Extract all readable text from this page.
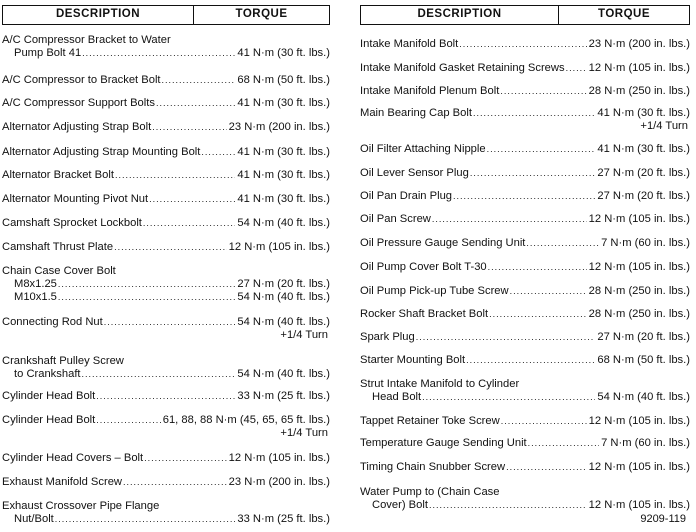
DESCRIPTION	TORQUE
A/C Compressor Bracket to Water
Pump Bolt 41 .....	41 N·m (30 ft. lbs.)
A/C Compressor to Bracket Bolt .....	68 N·m (50 ft. lbs.)
A/C Compressor Support Bolts .....	41 N·m (30 ft. lbs.)
Alternator Adjusting Strap Bolt .....	23 N·m (200 in. lbs.)
Alternator Adjusting Strap Mounting Bolt .....	41 N·m (30 ft. lbs.)
Alternator Bracket Bolt .....	41 N·m (30 ft. lbs.)
Alternator Mounting Pivot Nut .....	41 N·m (30 ft. lbs.)
Camshaft Sprocket Lockbolt .....	54 N·m (40 ft. lbs.)
Camshaft Thrust Plate .....	12 N·m (105 in. lbs.)
Chain Case Cover Bolt
M8x1.25 .....	27 N·m (20 ft. lbs.)
M10x1.5 .....	54 N·m (40 ft. lbs.)
Connecting Rod Nut .....	54 N·m (40 ft. lbs.)
+1/4 Turn
Crankshaft Pulley Screw
to Crankshaft .....	54 N·m (40 ft. lbs.)
Cylinder Head Bolt .....	33 N·m (25 ft. lbs.)
Cylinder Head Bolt .....	61, 88, 88 N·m (45, 65, 65 ft. lbs.)
+1/4 Turn
Cylinder Head Covers – Bolt .....	12 N·m (105 in. lbs.)
Exhaust Manifold Screw .....	23 N·m (200 in. lbs.)
Exhaust Crossover Pipe Flange
Nut/Bolt .....	33 N·m (25 ft. lbs.)
DESCRIPTION	TORQUE
Intake Manifold Bolt .....	23 N·m (200 in. lbs.)
Intake Manifold Gasket Retaining Screws ..... 12 N·m (105 in. lbs.)
Intake Manifold Plenum Bolt .....	28 N·m (250 in. lbs.)
Main Bearing Cap Bolt .....	41 N·m (30 ft. lbs.)
+1/4 Turn
Oil Filter Attaching Nipple .....	41 N·m (30 ft. lbs.)
Oil Lever Sensor Plug .....	27 N·m (20 ft. lbs.)
Oil Pan Drain Plug .....	27 N·m (20 ft. lbs.)
Oil Pan Screw .....	12 N·m (105 in. lbs.)
Oil Pressure Gauge Sending Unit .....	7 N·m (60 in. lbs.)
Oil Pump Cover Bolt T-30 .....	12 N·m (105 in. lbs.)
Oil Pump Pick-up Tube Screw .....	28 N·m (250 in. lbs.)
Rocker Shaft Bracket Bolt .....	28 N·m (250 in. lbs.)
Spark Plug .....	27 N·m (20 ft. lbs.)
Starter Mounting Bolt .....	68 N·m (50 ft. lbs.)
Strut Intake Manifold to Cylinder
Head Bolt .....	54 N·m (40 ft. lbs.)
Tappet Retainer Toke Screw .....	12 N·m (105 in. lbs.)
Temperature Gauge Sending Unit .....	7 N·m (60 in. lbs.)
Timing Chain Snubber Screw .....	12 N·m (105 in. lbs.)
Water Pump to (Chain Case
Cover) Bolt .....	12 N·m (105 in. lbs.)
9209-119
